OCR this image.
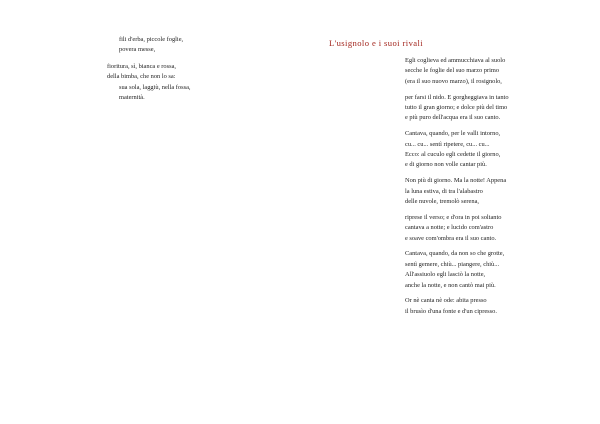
fili d'erba, piccole foglie,
povera messe,
fioritura, sì, bianca e rossa,
della bimba, che non lo sa:
sua sola, laggiù, nella fossa,
maternità.
L'usignolo e i suoi rivali
Egli coglieva ed ammucchiava al suolo
secche le foglie del suo marzo primo
(era il suo nuovo marzo), il rosignolo,
per farsi il nido. E gorgheggiava in tanto
tutto il gran giorno; e dolce più del timo
e più puro dell'acqua era il suo canto.
Cantava, quando, per le valli intorno,
cu... cu... sentì ripetere, cu... cu...
Ecco: al cuculo egli cedette il giorno,
e di giorno non volle cantar più.
Non più di giorno. Ma la notte! Appena
la luna estiva, di tra l'alabastro
delle nuvole, tremolò serena,
riprese il verso; e d'ora in poi soltanto
cantava a notte; e lucido com'astro
e soave com'ombra era il suo canto.
Cantava, quando, da non so che grotte,
sentì gemere, chiù... piangere, chiù...
All'assiuolo egli lasciò la notte,
anche la notte, e non cantò mai più.
Or nè canta nè ode: abita presso
il brusìo d'una fonte e d'un cipresso.
